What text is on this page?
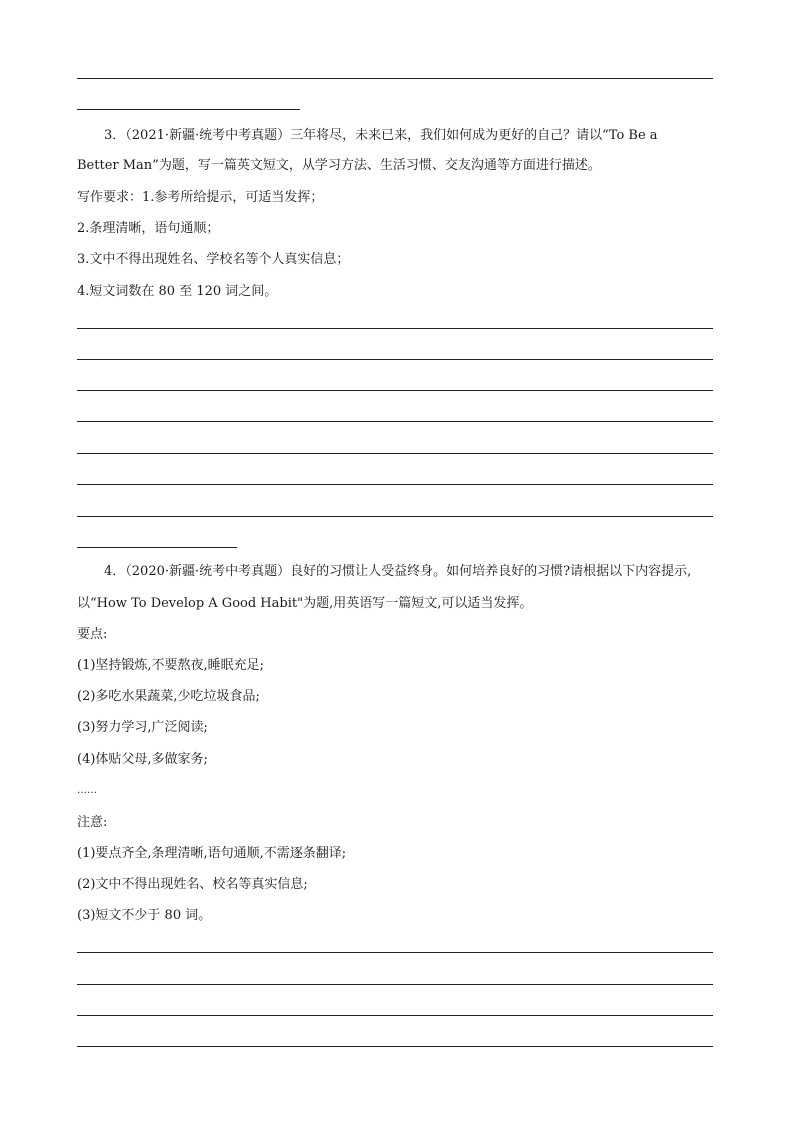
3．（2021·新疆·统考中考真题）三年将尽，未来已来，我们如何成为更好的自己？请以“To Be a
Better Man”为题，写一篇英文短文，从学习方法、生活习惯、交友沟通等方面进行描述。
写作要求：1.参考所给提示，可适当发挥；
2.条理清晰，语句通顺；
3.文中不得出现姓名、学校名等个人真实信息；
4.短文词数在 80 至 120 词之间。
4．（2020·新疆·统考中考真题）良好的习惯让人受益终身。如何培养良好的习惯?请根据以下内容提示,
以“How To Develop A Good Habit"为题,用英语写一篇短文,可以适当发挥。
要点:
(1)坚持锻炼,不要熬夜,睡眠充足;
(2)多吃水果蔬菜,少吃垃圾食品;
(3)努力学习,广泛阅读;
(4)体贴父母,多做家务;
……
注意:
(1)要点齐全,条理清晰,语句通顺,不需逐条翻译;
(2)文中不得出现姓名、校名等真实信息;
(3)短文不少于 80 词。
